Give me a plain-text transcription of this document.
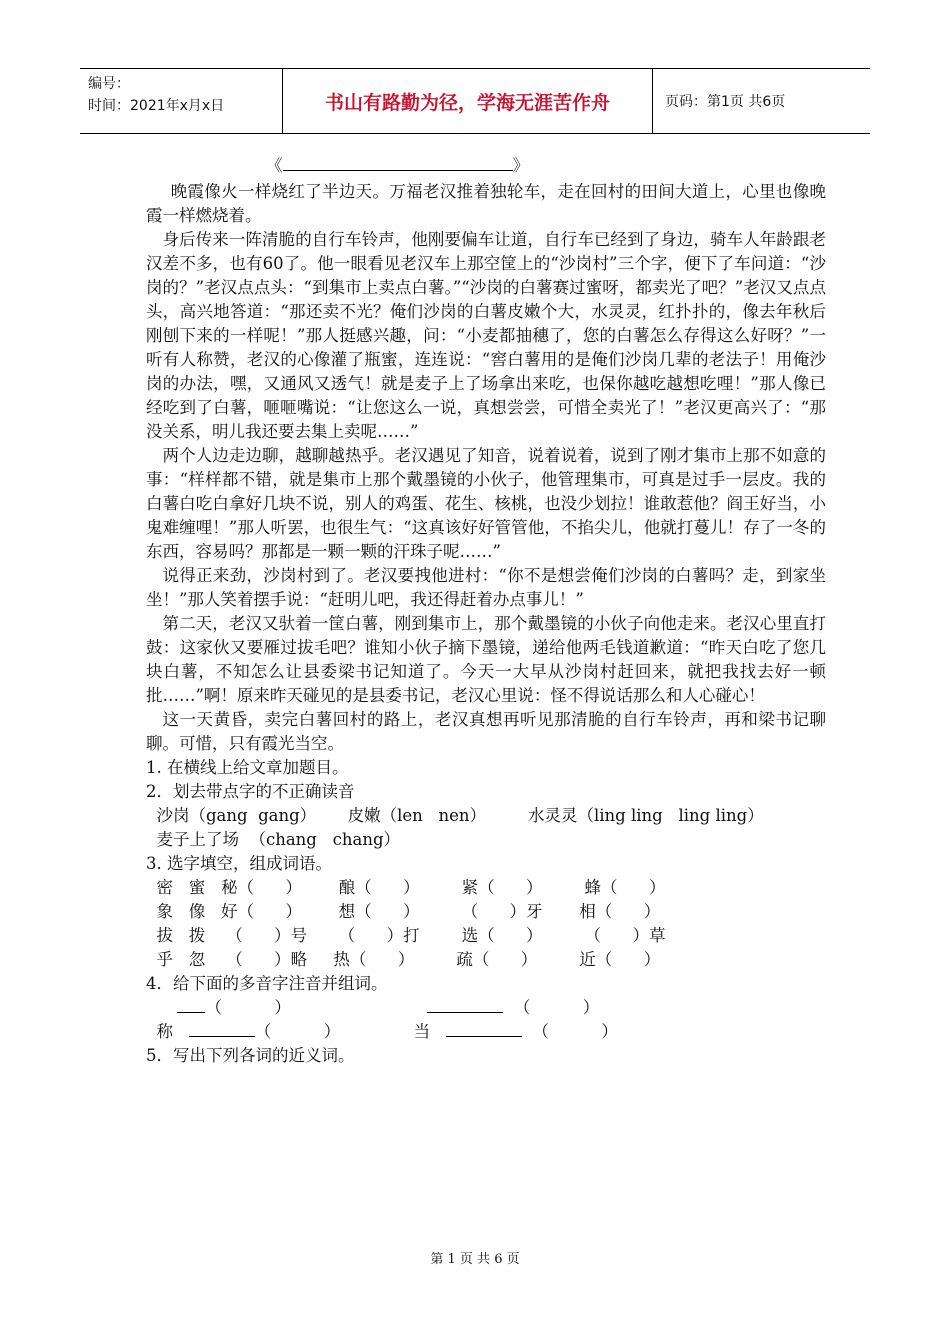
编号：
时间：2021年x月x日	书山有路勤为径，学海无涯苦作舟	页码：第1页 共6页
《	》

晚霞像火一样烧红了半边天。万福老汉推着独轮车，走在回村的田间大道上，心里也像晚霞一样燃烧着。

身后传来一阵清脆的自行车铃声，他刚要偏车让道，自行车已经到了身边，骑车人年龄跟老汉差不多，也有60了。他一眼看见老汉车上那空筐上的“沙岗村”三个字，便下了车问道：“沙岗的？”老汉点点头：“到集市上卖点白薯。”“沙岗的白薯赛过蜜呀，都卖光了吧？”老汉又点点头，高兴地答道：“那还卖不光？俺们沙岗的白薯皮嫩个大，水灵灵，红扑扑的，像去年秋后刚刨下来的一样呢！”那人挺感兴趣，问：“小麦都抽穗了，您的白薯怎么存得这么好呀？”一听有人称赞，老汉的心像灌了瓶蜜，连连说：“窖白薯用的是俺们沙岗几辈的老法子！用俺沙岗的办法，嘿，又通风又透气！就是麦子上了场拿出来吃，也保你越吃越想吃哩！”那人像已经吃到了白薯，咂咂嘴说：“让您这么一说，真想尝尝，可惜全卖光了！”老汉更高兴了：“那没关系，明儿我还要去集上卖呢……”

两个人边走边聊，越聊越热乎。老汉遇见了知音，说着说着，说到了刚才集市上那不如意的事：“样样都不错，就是集市上那个戴墨镜的小伙子，他管理集市，可真是过手一层皮。我的白薯白吃白拿好几块不说，别人的鸡蛋、花生、核桃，也没少划拉！谁敢惹他？阎王好当，小鬼难缠哩！”那人听罢，也很生气：“这真该好好管管他，不掐尖儿，他就打蔓儿！存了一冬的东西，容易吗？那都是一颗一颗的汗珠子呢……”

说得正来劲，沙岗村到了。老汉要拽他进村：“你不是想尝俺们沙岗的白薯吗？走，到家坐坐！”那人笑着摆手说：“赶明儿吧，我还得赶着办点事儿！”

第二天，老汉又驮着一筐白薯，刚到集市上，那个戴墨镜的小伙子向他走来。老汉心里直打鼓：这家伙又要雁过拔毛吧？谁知小伙子摘下墨镜，递给他两毛钱道歉道：“昨天白吃了您几块白薯，不知怎么让县委梁书记知道了。今天一大早从沙岗村赶回来，就把我找去好一顿批……”啊！原来昨天碰见的是县委书记，老汉心里说：怪不得说话那么和人心碰心！

这一天黄昏，卖完白薯回村的路上，老汉真想再听见那清脆的自行车铃声，再和梁书记聊聊。可惜，只有霞光当空。

1. 在横线上给文章加题目。

2．划去带点字的不正确读音

沙岗（gang  gang）      皮嫩（len   nen）        水灵灵（ling ling   ling ling）

麦子上了场  （chang   chang）

3. 选字填空，组成词语。

密   蜜   秘（      ）       酿（      ）        紧（      ）        蜂（      ）

象   像   好（      ）       想（      ）        （      ）牙       相（      ）

拔   拨    （      ）号      （      ）打        选（      ）        （      ）草

乎   忽    （      ）略     热（      ）        疏（      ）        近（      ）

4．给下面的多音字注音并组词。

（          ）	（          ）

称	（          ）	当	（          ）

5．写出下列各词的近义词。

第 1 页 共 6 页
